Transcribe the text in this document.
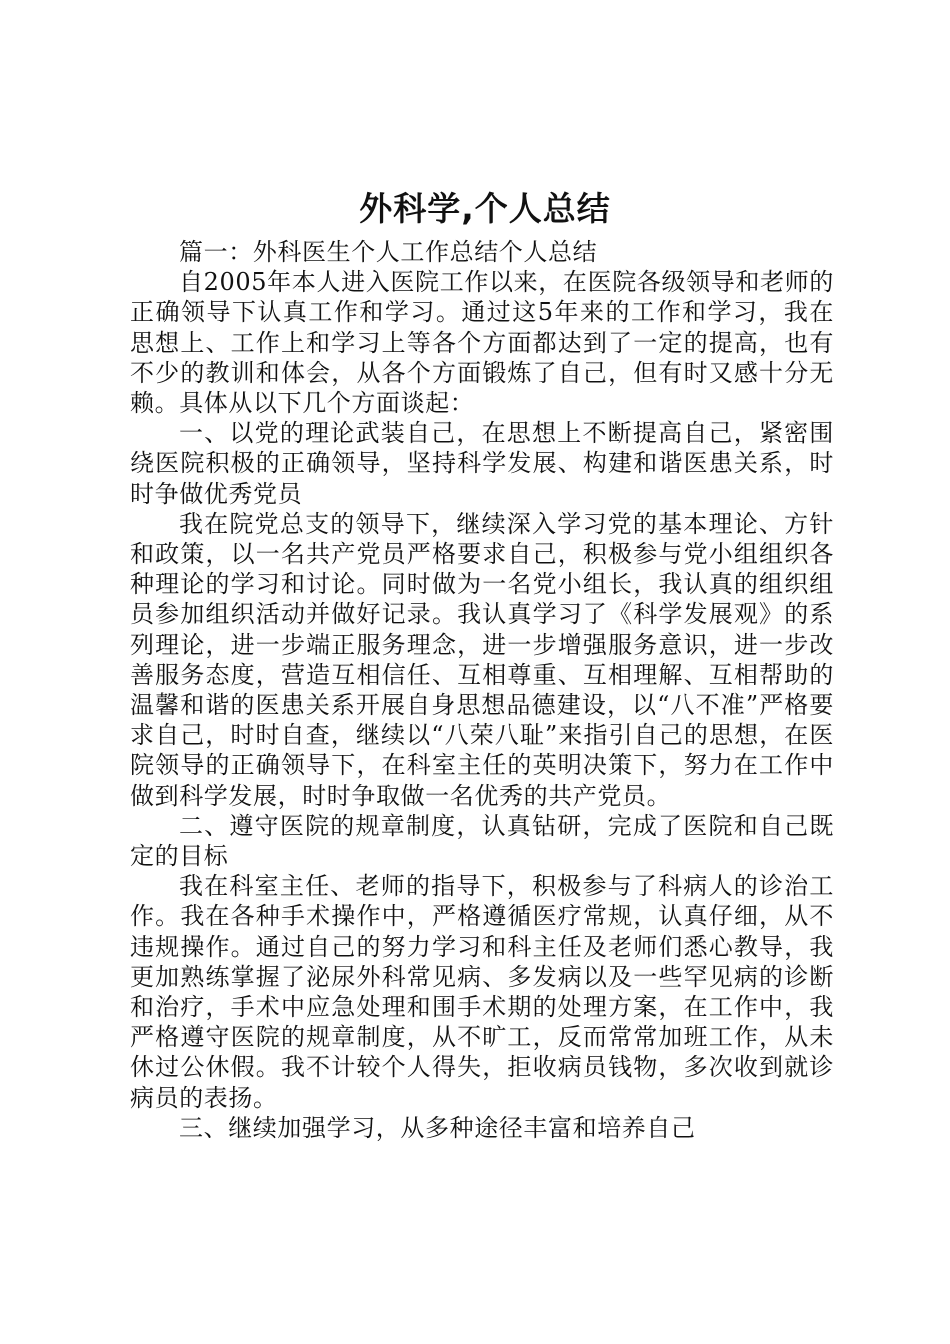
外科学,个人总结

篇一：外科医生个人工作总结个人总结

自2005年本人进入医院工作以来，在医院各级领导和老师的正确领导下认真工作和学习。通过这5年来的工作和学习，我在思想上、工作上和学习上等各个方面都达到了一定的提高，也有不少的教训和体会，从各个方面锻炼了自己，但有时又感十分无赖。具体从以下几个方面谈起：

一、以党的理论武装自己，在思想上不断提高自己，紧密围绕医院积极的正确领导，坚持科学发展、构建和谐医患关系，时时争做优秀党员

我在院党总支的领导下，继续深入学习党的基本理论、方针和政策，以一名共产党员严格要求自己，积极参与党小组组织各种理论的学习和讨论。同时做为一名党小组长，我认真的组织组员参加组织活动并做好记录。我认真学习了《科学发展观》的系列理论，进一步端正服务理念，进一步增强服务意识，进一步改善服务态度，营造互相信任、互相尊重、互相理解、互相帮助的温馨和谐的医患关系开展自身思想品德建设，以“八不准”严格要求自己，时时自查，继续以“八荣八耻”来指引自己的思想，在医院领导的正确领导下，在科室主任的英明决策下，努力在工作中做到科学发展，时时争取做一名优秀的共产党员。

二、遵守医院的规章制度，认真钻研，完成了医院和自己既定的目标

我在科室主任、老师的指导下，积极参与了科病人的诊治工作。我在各种手术操作中，严格遵循医疗常规，认真仔细，从不违规操作。通过自己的努力学习和科主任及老师们悉心教导，我更加熟练掌握了泌尿外科常见病、多发病以及一些罕见病的诊断和治疗，手术中应急处理和围手术期的处理方案，在工作中，我严格遵守医院的规章制度，从不旷工，反而常常加班工作，从未休过公休假。我不计较个人得失，拒收病员钱物，多次收到就诊病员的表扬。

三、继续加强学习，从多种途径丰富和培养自己
